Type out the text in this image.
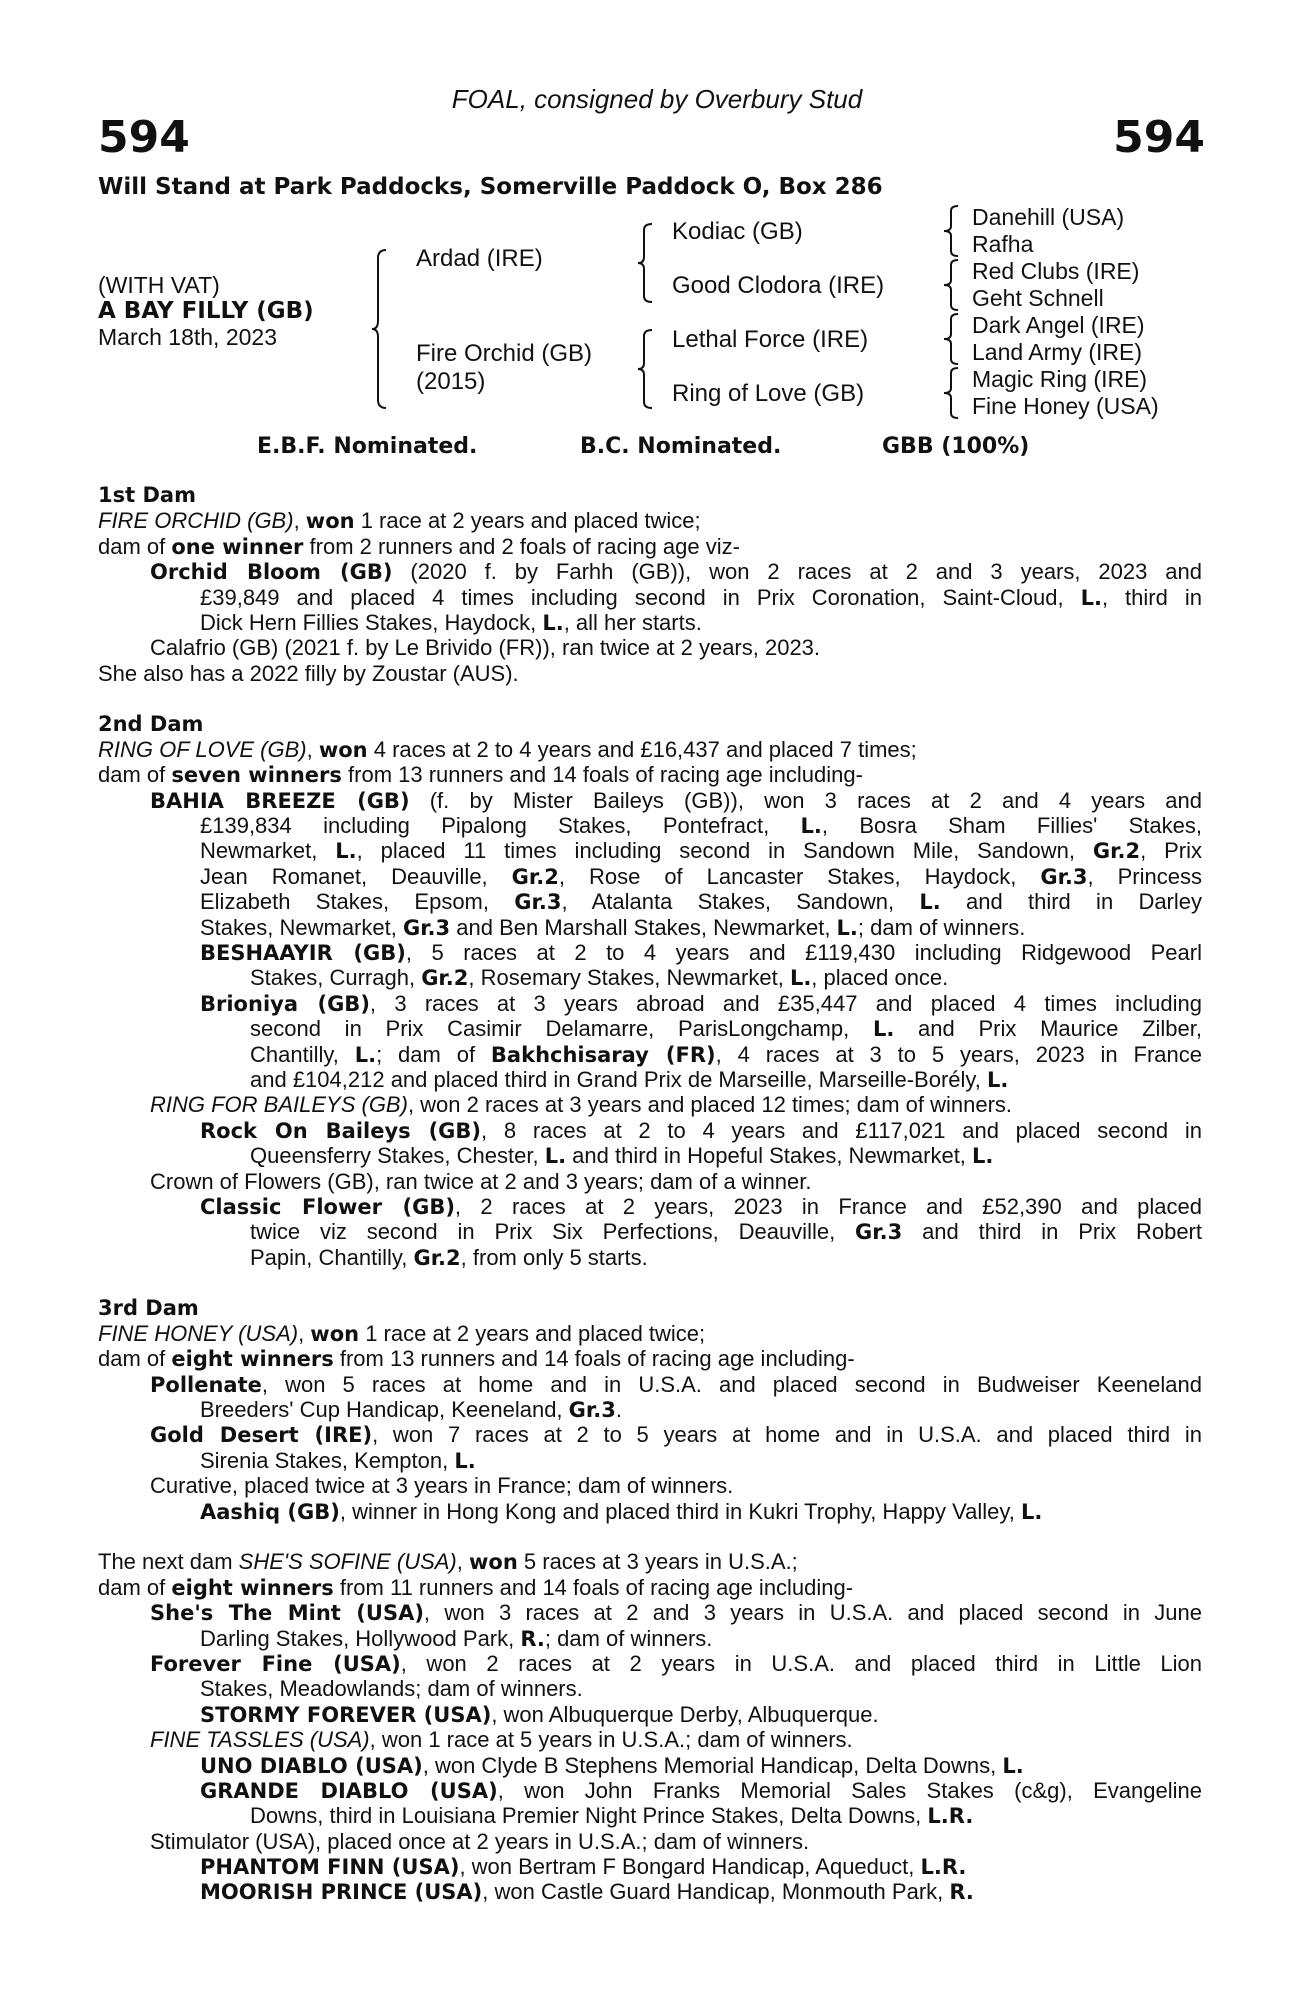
FOAL, consigned by Overbury Stud
594	594
Will Stand at Park Paddocks, Somerville Paddock O, Box 286
(WITH VAT)
A BAY FILLY (GB)
March 18th, 2023
Ardad (IRE)
Fire Orchid (GB)
(2015)
Kodiac (GB)
Good Clodora (IRE)
Lethal Force (IRE)
Ring of Love (GB)
Danehill (USA)
Rafha
Red Clubs (IRE)
Geht Schnell
Dark Angel (IRE)
Land Army (IRE)
Magic Ring (IRE)
Fine Honey (USA)
E.B.F. Nominated.	B.C. Nominated.	GBB (100%)
1st Dam
FIRE ORCHID (GB), won 1 race at 2 years and placed twice;
dam of one winner from 2 runners and 2 foals of racing age viz-
Orchid Bloom (GB) (2020 f. by Farhh (GB)), won 2 races at 2 and 3 years, 2023 and
£39,849 and placed 4 times including second in Prix Coronation, Saint-Cloud, L., third in
Dick Hern Fillies Stakes, Haydock, L., all her starts.
Calafrio (GB) (2021 f. by Le Brivido (FR)), ran twice at 2 years, 2023.
She also has a 2022 filly by Zoustar (AUS).
2nd Dam
RING OF LOVE (GB), won 4 races at 2 to 4 years and £16,437 and placed 7 times;
dam of seven winners from 13 runners and 14 foals of racing age including-
BAHIA BREEZE (GB) (f. by Mister Baileys (GB)), won 3 races at 2 and 4 years and
£139,834 including Pipalong Stakes, Pontefract, L., Bosra Sham Fillies' Stakes,
Newmarket, L., placed 11 times including second in Sandown Mile, Sandown, Gr.2, Prix
Jean Romanet, Deauville, Gr.2, Rose of Lancaster Stakes, Haydock, Gr.3, Princess
Elizabeth Stakes, Epsom, Gr.3, Atalanta Stakes, Sandown, L. and third in Darley
Stakes, Newmarket, Gr.3 and Ben Marshall Stakes, Newmarket, L.; dam of winners.
BESHAAYIR (GB), 5 races at 2 to 4 years and £119,430 including Ridgewood Pearl
Stakes, Curragh, Gr.2, Rosemary Stakes, Newmarket, L., placed once.
Brioniya (GB), 3 races at 3 years abroad and £35,447 and placed 4 times including
second in Prix Casimir Delamarre, ParisLongchamp, L. and Prix Maurice Zilber,
Chantilly, L.; dam of Bakhchisaray (FR), 4 races at 3 to 5 years, 2023 in France
and £104,212 and placed third in Grand Prix de Marseille, Marseille-Borély, L.
RING FOR BAILEYS (GB), won 2 races at 3 years and placed 12 times; dam of winners.
Rock On Baileys (GB), 8 races at 2 to 4 years and £117,021 and placed second in
Queensferry Stakes, Chester, L. and third in Hopeful Stakes, Newmarket, L.
Crown of Flowers (GB), ran twice at 2 and 3 years; dam of a winner.
Classic Flower (GB), 2 races at 2 years, 2023 in France and £52,390 and placed
twice viz second in Prix Six Perfections, Deauville, Gr.3 and third in Prix Robert
Papin, Chantilly, Gr.2, from only 5 starts.
3rd Dam
FINE HONEY (USA), won 1 race at 2 years and placed twice;
dam of eight winners from 13 runners and 14 foals of racing age including-
Pollenate, won 5 races at home and in U.S.A. and placed second in Budweiser Keeneland
Breeders' Cup Handicap, Keeneland, Gr.3.
Gold Desert (IRE), won 7 races at 2 to 5 years at home and in U.S.A. and placed third in
Sirenia Stakes, Kempton, L.
Curative, placed twice at 3 years in France; dam of winners.
Aashiq (GB), winner in Hong Kong and placed third in Kukri Trophy, Happy Valley, L.
The next dam SHE'S SOFINE (USA), won 5 races at 3 years in U.S.A.;
dam of eight winners from 11 runners and 14 foals of racing age including-
She's The Mint (USA), won 3 races at 2 and 3 years in U.S.A. and placed second in June
Darling Stakes, Hollywood Park, R.; dam of winners.
Forever Fine (USA), won 2 races at 2 years in U.S.A. and placed third in Little Lion
Stakes, Meadowlands; dam of winners.
STORMY FOREVER (USA), won Albuquerque Derby, Albuquerque.
FINE TASSLES (USA), won 1 race at 5 years in U.S.A.; dam of winners.
UNO DIABLO (USA), won Clyde B Stephens Memorial Handicap, Delta Downs, L.
GRANDE DIABLO (USA), won John Franks Memorial Sales Stakes (c&g), Evangeline
Downs, third in Louisiana Premier Night Prince Stakes, Delta Downs, L.R.
Stimulator (USA), placed once at 2 years in U.S.A.; dam of winners.
PHANTOM FINN (USA), won Bertram F Bongard Handicap, Aqueduct, L.R.
MOORISH PRINCE (USA), won Castle Guard Handicap, Monmouth Park, R.
